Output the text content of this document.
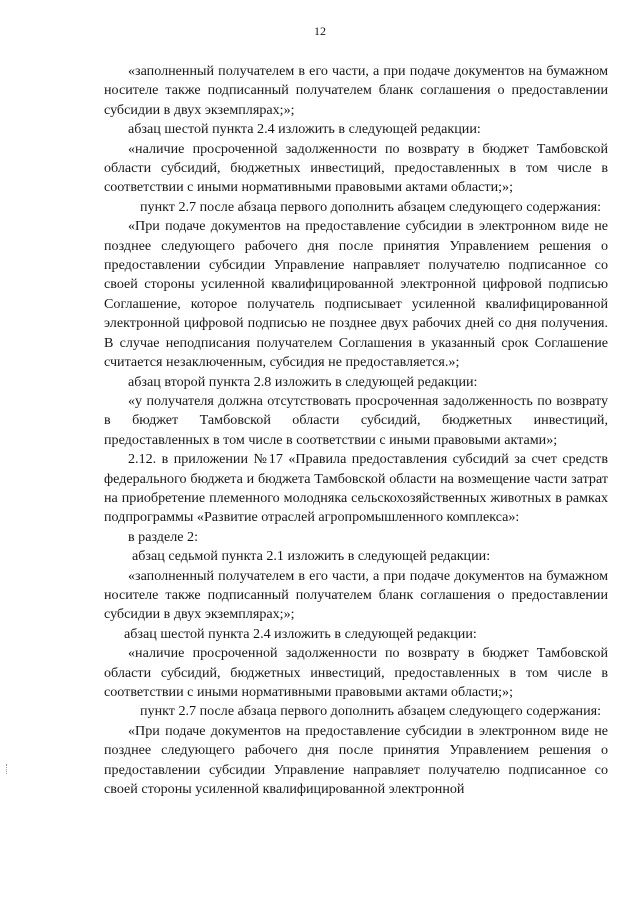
12

«заполненный получателем в его части, а при подаче документов на бумажном носителе также подписанный получателем бланк соглашения о предоставлении субсидии в двух экземплярах;»;

абзац шестой пункта 2.4 изложить в следующей редакции:

«наличие просроченной задолженности по возврату в бюджет Тамбовской области субсидий, бюджетных инвестиций, предоставленных в том числе в соответствии с иными нормативными правовыми актами области;»;

пункт 2.7 после абзаца первого дополнить абзацем следующего содержания:

«При подаче документов на предоставление субсидии в электронном виде не позднее следующего рабочего дня после принятия Управлением решения о предоставлении субсидии Управление направляет получателю подписанное со своей стороны усиленной квалифицированной электронной цифровой подписью Соглашение, которое получатель подписывает усиленной квалифицированной электронной цифровой подписью не позднее двух рабочих дней со дня получения. В случае неподписания получателем Соглашения в указанный срок Соглашение считается незаключенным, субсидия не предоставляется.»;

абзац второй пункта 2.8 изложить в следующей редакции:

«у получателя должна отсутствовать просроченная задолженность по возврату в бюджет Тамбовской области субсидий, бюджетных инвестиций, предоставленных в том числе в соответствии с иными правовыми актами»;

2.12. в приложении №17 «Правила предоставления субсидий за счет средств федерального бюджета и бюджета Тамбовской области на возмещение части затрат на приобретение племенного молодняка сельскохозяйственных животных в рамках подпрограммы «Развитие отраслей агропромышленного комплекса»:

в разделе 2:

абзац седьмой пункта 2.1 изложить в следующей редакции:

«заполненный получателем в его части, а при подаче документов на бумажном носителе также подписанный получателем бланк соглашения о предоставлении субсидии в двух экземплярах;»;

абзац шестой пункта 2.4 изложить в следующей редакции:

«наличие просроченной задолженности по возврату в бюджет Тамбовской области субсидий, бюджетных инвестиций, предоставленных в том числе в соответствии с иными нормативными правовыми актами области;»;

пункт 2.7 после абзаца первого дополнить абзацем следующего содержания:

«При подаче документов на предоставление субсидии в электронном виде не позднее следующего рабочего дня после принятия Управлением решения о предоставлении субсидии Управление направляет получателю подписанное со своей стороны усиленной квалифицированной электронной
